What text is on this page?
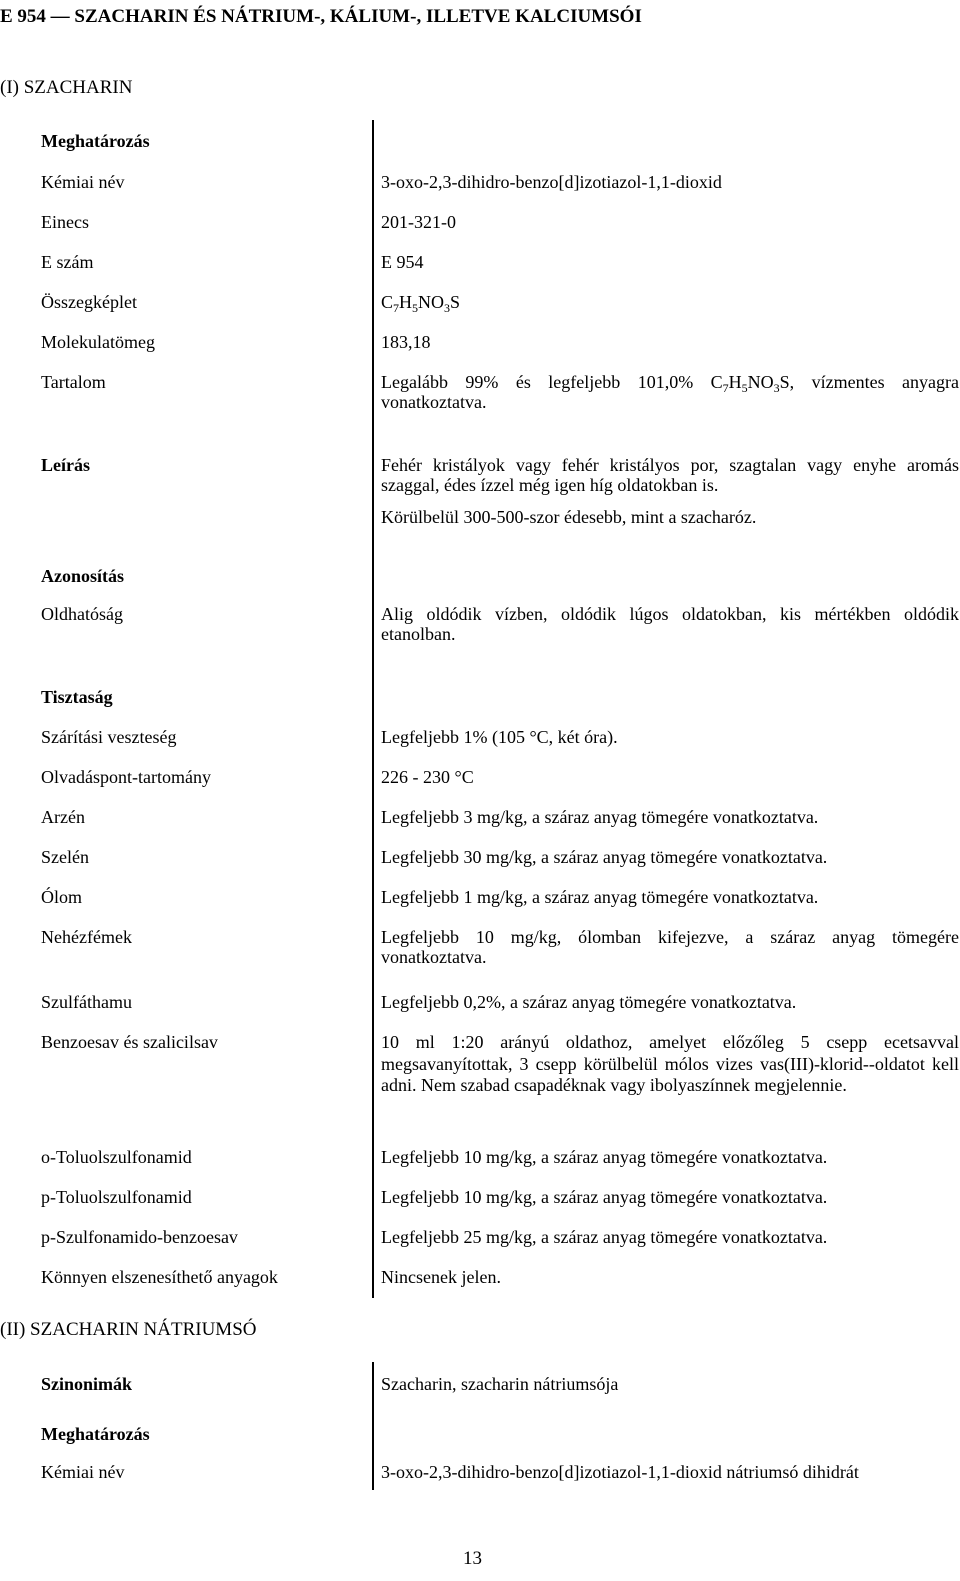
E 954 — SZACHARIN ÉS NÁTRIUM-, KÁLIUM-, ILLETVE KALCIUMSÓI
(I) SZACHARIN
Meghatározás
Kémiai név	3-oxo-2,3-dihidro-benzo[d]izotiazol-1,1-dioxid
Einecs	201-321-0
E szám	E 954
Összegképlet	$C_7H_5NO_3S$
Molekulatömeg	183,18
Tartalom	Legalább 99% és legfeljebb 101,0% $C_7H_5NO_3S$, vízmentes anyagra vonatkoztatva.
Leírás	Fehér kristályok vagy fehér kristályos por, szagtalan vagy enyhe aromás szaggal, édes ízzel még igen híg oldatokban is.
Körülbelül 300-500-szor édesebb, mint a szacharóz.
Azonosítás
Oldhatóság	Alig oldódik vízben, oldódik lúgos oldatokban, kis mértékben oldódik etanolban.
Tisztaság
Szárítási veszteség	Legfeljebb 1% (105 °C, két óra).
Olvadáspont-tartomány	226 - 230 °C
Arzén	Legfeljebb 3 mg/kg, a száraz anyag tömegére vonatkoztatva.
Szelén	Legfeljebb 30 mg/kg, a száraz anyag tömegére vonatkoztatva.
Ólom	Legfeljebb 1 mg/kg, a száraz anyag tömegére vonatkoztatva.
Nehézfémek	Legfeljebb 10 mg/kg, ólomban kifejezve, a száraz anyag tömegére vonatkoztatva.
Szulfáthamu	Legfeljebb 0,2%, a száraz anyag tömegére vonatkoztatva.
Benzoesav és szalicilsav	10 ml 1:20 arányú oldathoz, amelyet előzőleg 5 csepp ecetsavval megsavanyítottak, 3 csepp körülbelül mólos vizes vas(III)-klorid--oldatot kell adni. Nem szabad csapadéknak vagy ibolyaszínnek megjelennie.
o-Toluolszulfonamid	Legfeljebb 10 mg/kg, a száraz anyag tömegére vonatkoztatva.
p-Toluolszulfonamid	Legfeljebb 10 mg/kg, a száraz anyag tömegére vonatkoztatva.
p-Szulfonamido-benzoesav	Legfeljebb 25 mg/kg, a száraz anyag tömegére vonatkoztatva.
Könnyen elszenesíthető anyagok	Nincsenek jelen.
(II) SZACHARIN NÁTRIUMSÓ
Szinonimák	Szacharin, szacharin nátriumsója
Meghatározás
Kémiai név	3-oxo-2,3-dihidro-benzo[d]izotiazol-1,1-dioxid nátriumsó dihidrát
13
